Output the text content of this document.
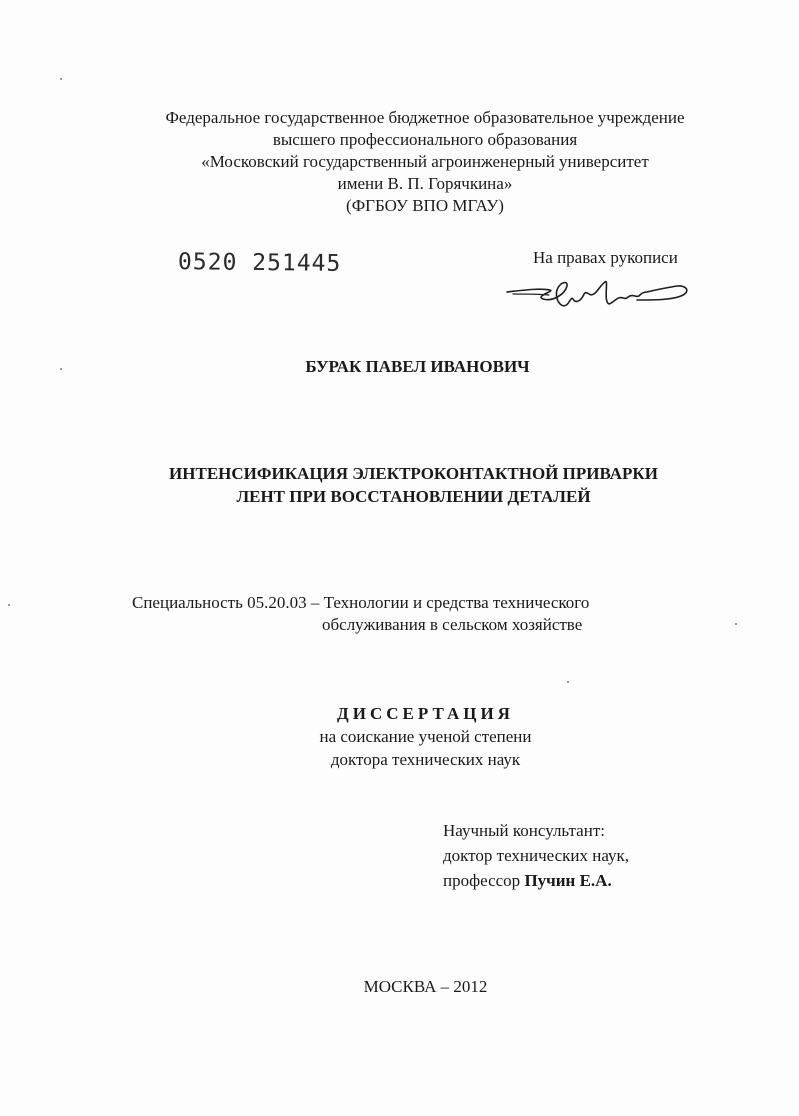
Федеральное государственное бюджетное образовательное учреждение
высшего профессионального образования
«Московский государственный агроинженерный университет
имени В. П. Горячкина»
(ФГБОУ ВПО МГАУ)
0520 251445	На правах рукописи
БУРАК ПАВЕЛ ИВАНОВИЧ
ИНТЕНСИФИКАЦИЯ ЭЛЕКТРОКОНТАКТНОЙ ПРИВАРКИ
ЛЕНТ ПРИ ВОССТАНОВЛЕНИИ ДЕТАЛЕЙ
Специальность 05.20.03 – Технологии и средства технического
обслуживания в сельском хозяйстве
ДИССЕРТАЦИЯ
на соискание ученой степени
доктора технических наук
Научный консультант:
доктор технических наук,
профессор Пучин Е.А.
МОСКВА – 2012
